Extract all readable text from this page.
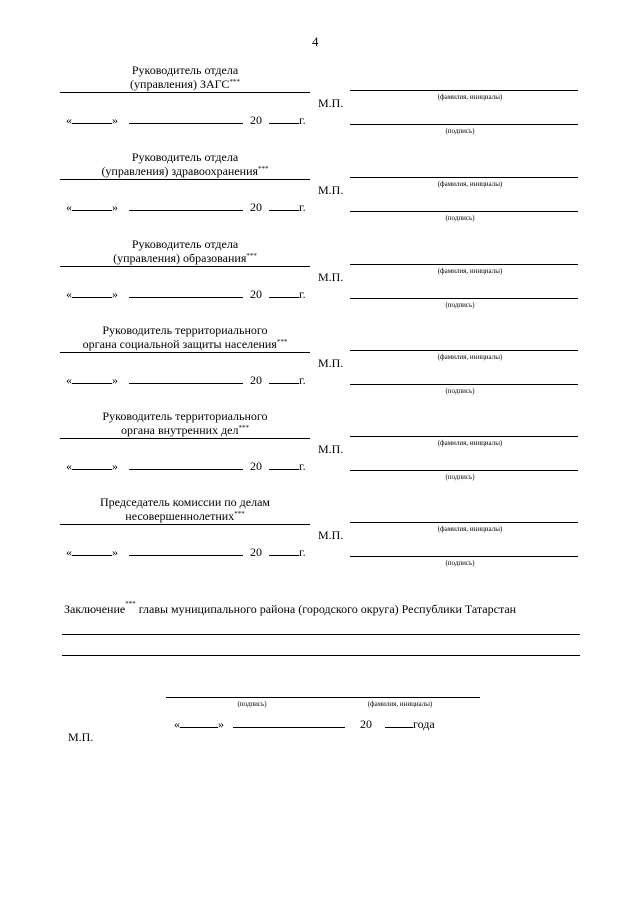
4
Руководитель отдела
(управления) ЗАГС***
(фамилия, инициалы)
М.П.
«	»	20	г.
(подпись)
Руководитель отдела
(управления) здравоохранения***
(фамилия, инициалы)
М.П.
«	»	20	г.
(подпись)
Руководитель отдела
(управления) образования***
(фамилия, инициалы)
М.П.
«	»	20	г.
(подпись)
Руководитель территориального
органа социальной защиты населения***
(фамилия, инициалы)
М.П.
«	»	20	г.
(подпись)
Руководитель территориального
органа внутренних дел***
(фамилия, инициалы)
М.П.
«	»	20	г.
(подпись)
Председатель комиссии по делам
несовершеннолетних***
(фамилия, инициалы)
М.П.
«	»	20	г.
(подпись)
Заключение*** главы муниципального района (городского округа) Республики Татарстан
(подпись)	(фамилия, инициалы)
«	»	20	года
М.П.
